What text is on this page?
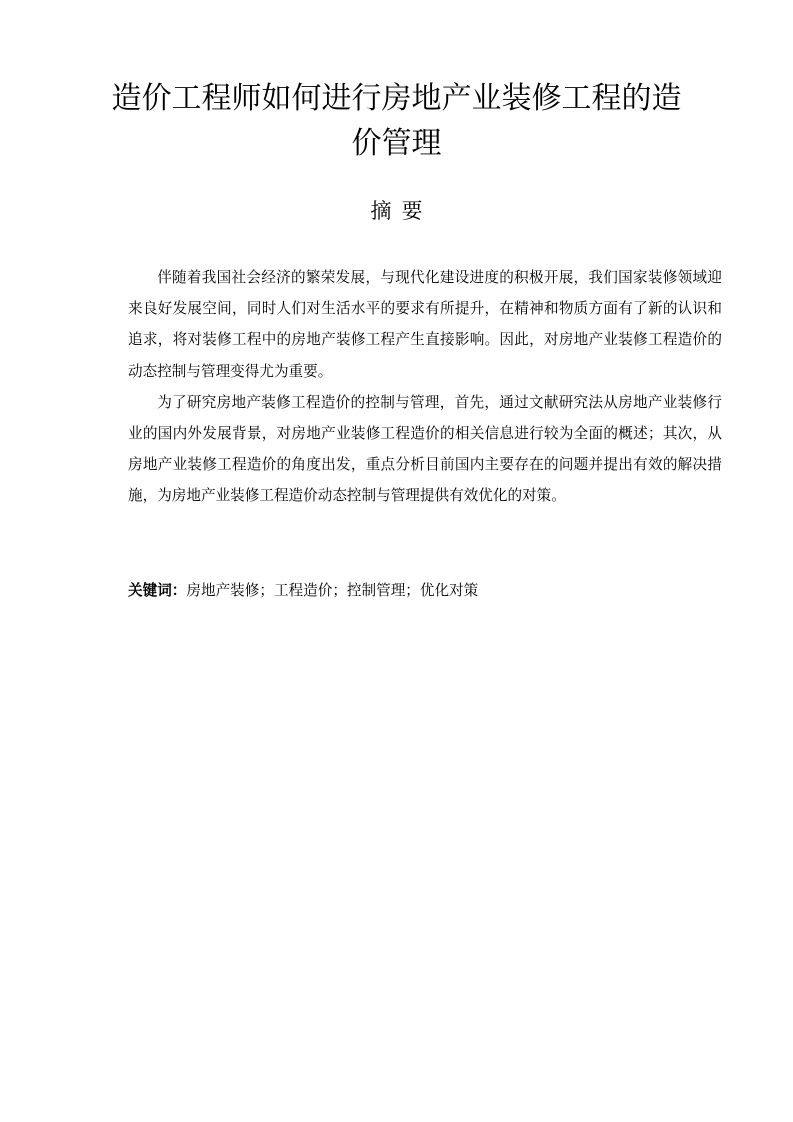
造价工程师如何进行房地产业装修工程的造价管理
摘要

伴随着我国社会经济的繁荣发展，与现代化建设进度的积极开展，我们国家装修领域迎来良好发展空间，同时人们对生活水平的要求有所提升，在精神和物质方面有了新的认识和追求，将对装修工程中的房地产装修工程产生直接影响。因此，对房地产业装修工程造价的动态控制与管理变得尤为重要。

为了研究房地产装修工程造价的控制与管理，首先，通过文献研究法从房地产业装修行业的国内外发展背景，对房地产业装修工程造价的相关信息进行较为全面的概述；其次，从房地产业装修工程造价的角度出发，重点分析目前国内主要存在的问题并提出有效的解决措施，为房地产业装修工程造价动态控制与管理提供有效优化的对策。

关键词：房地产装修；工程造价；控制管理；优化对策
